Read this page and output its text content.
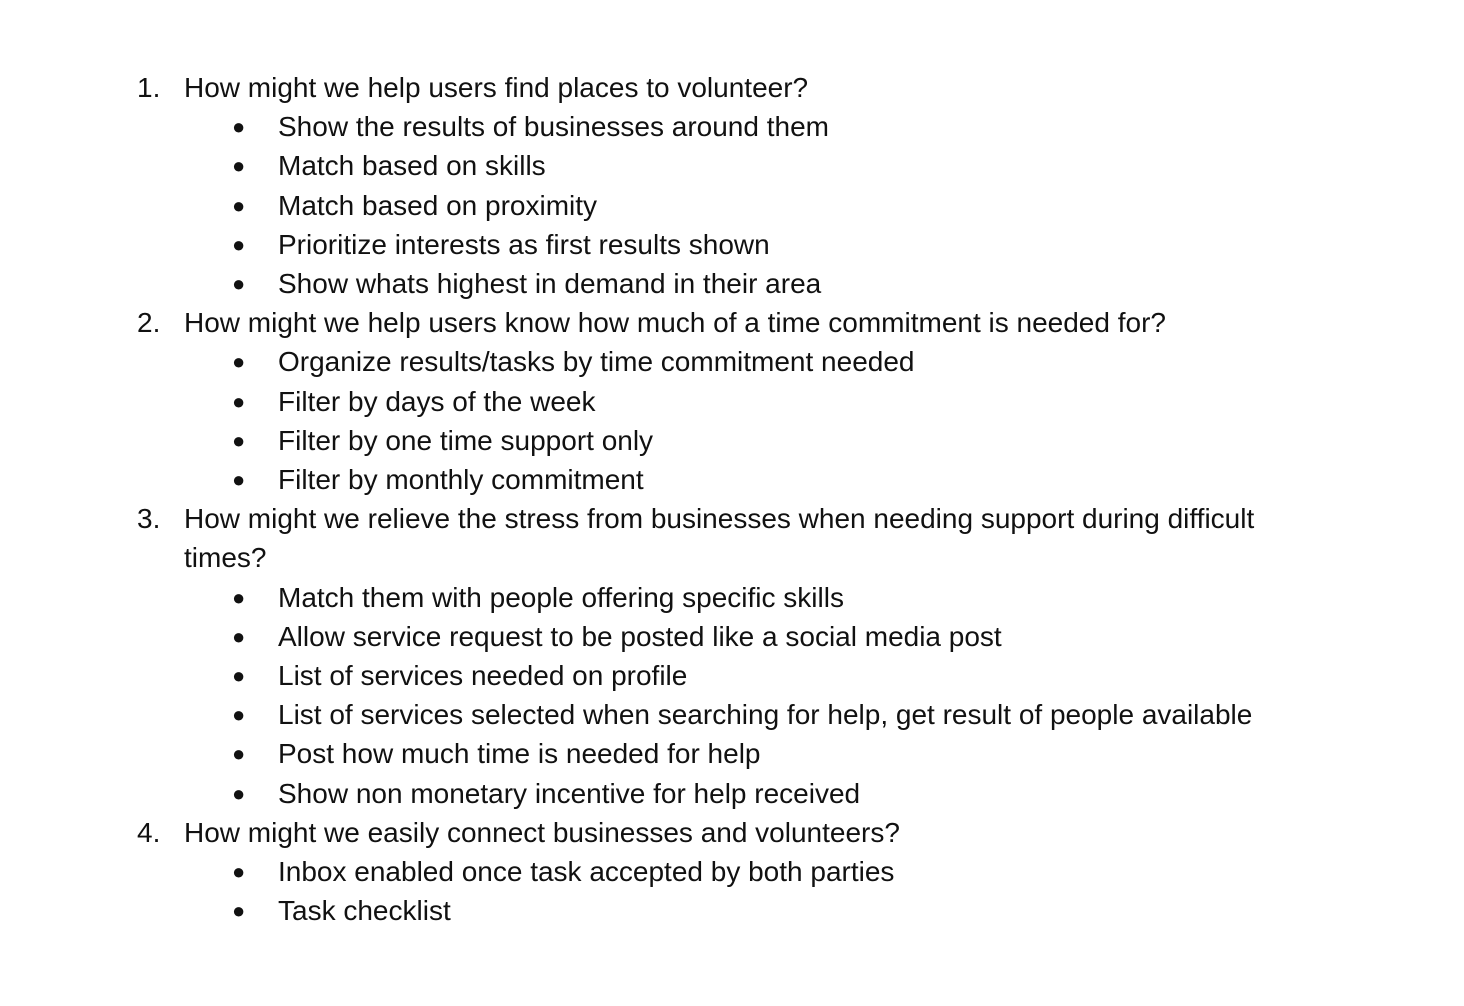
1. How might we help users find places to volunteer?
● Show the results of businesses around them
● Match based on skills
● Match based on proximity
● Prioritize interests as first results shown
● Show whats highest in demand in their area
2. How might we help users know how much of a time commitment is needed for?
● Organize results/tasks by time commitment needed
● Filter by days of the week
● Filter by one time support only
● Filter by monthly commitment
3. How might we relieve the stress from businesses when needing support during difficult times?
● Match them with people offering specific skills
● Allow service request to be posted like a social media post
● List of services needed on profile
● List of services selected when searching for help, get result of people available
● Post how much time is needed for help
● Show non monetary incentive for help received
4. How might we easily connect businesses and volunteers?
● Inbox enabled once task accepted by both parties
● Task checklist
